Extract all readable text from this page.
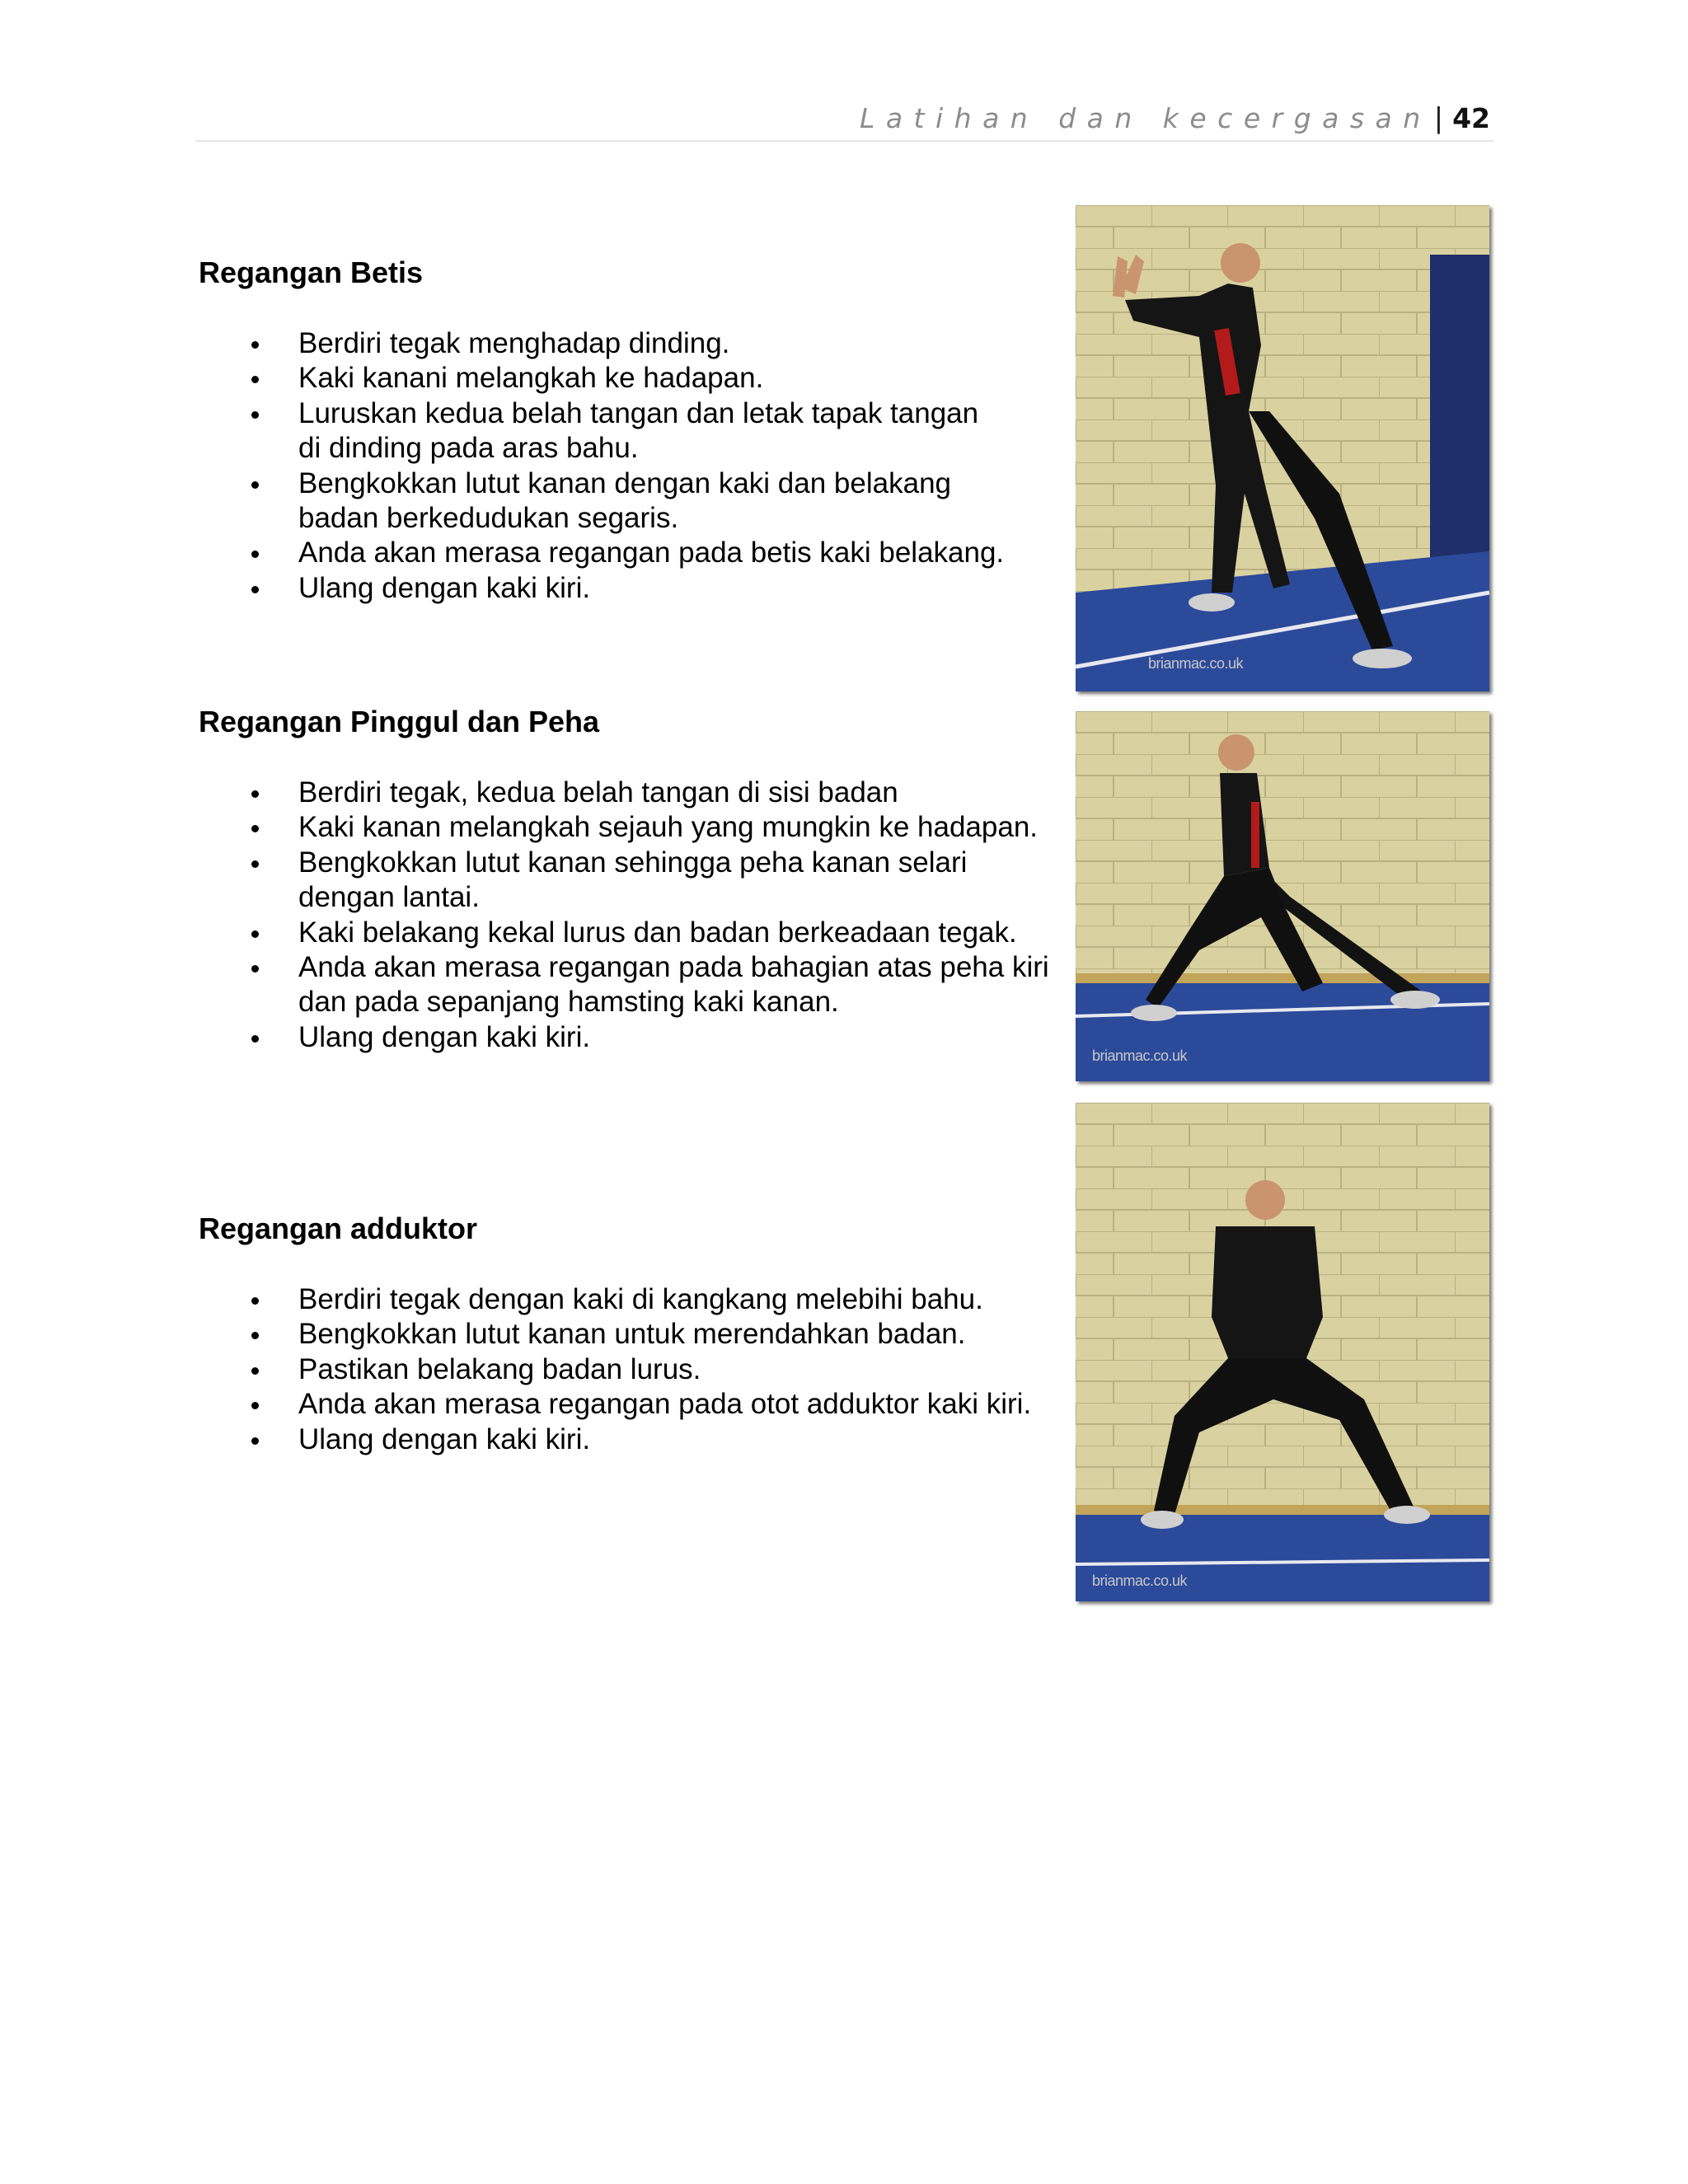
Latihan dan kecergasan | 42
Regangan Betis
Berdiri tegak menghadap dinding.
Kaki kanani melangkah ke hadapan.
Luruskan kedua belah tangan dan letak tapak tangan di dinding pada aras bahu.
Bengkokkan lutut kanan dengan kaki dan belakang badan berkedudukan segaris.
Anda akan merasa regangan pada betis kaki belakang.
Ulang dengan kaki kiri.
brianmac.co.uk
Regangan Pinggul dan Peha
Berdiri tegak, kedua belah tangan di sisi badan
Kaki kanan melangkah sejauh yang mungkin ke hadapan.
Bengkokkan lutut kanan sehingga peha kanan selari dengan lantai.
Kaki belakang kekal lurus dan badan berkeadaan tegak.
Anda akan merasa regangan pada bahagian atas peha kiri dan pada sepanjang hamsting kaki kanan.
Ulang dengan kaki kiri.
brianmac.co.uk
Regangan adduktor
Berdiri tegak dengan kaki di kangkang melebihi bahu.
Bengkokkan lutut kanan untuk merendahkan badan.
Pastikan belakang badan lurus.
Anda akan merasa regangan pada otot adduktor kaki kiri.
Ulang dengan kaki kiri.
brianmac.co.uk
